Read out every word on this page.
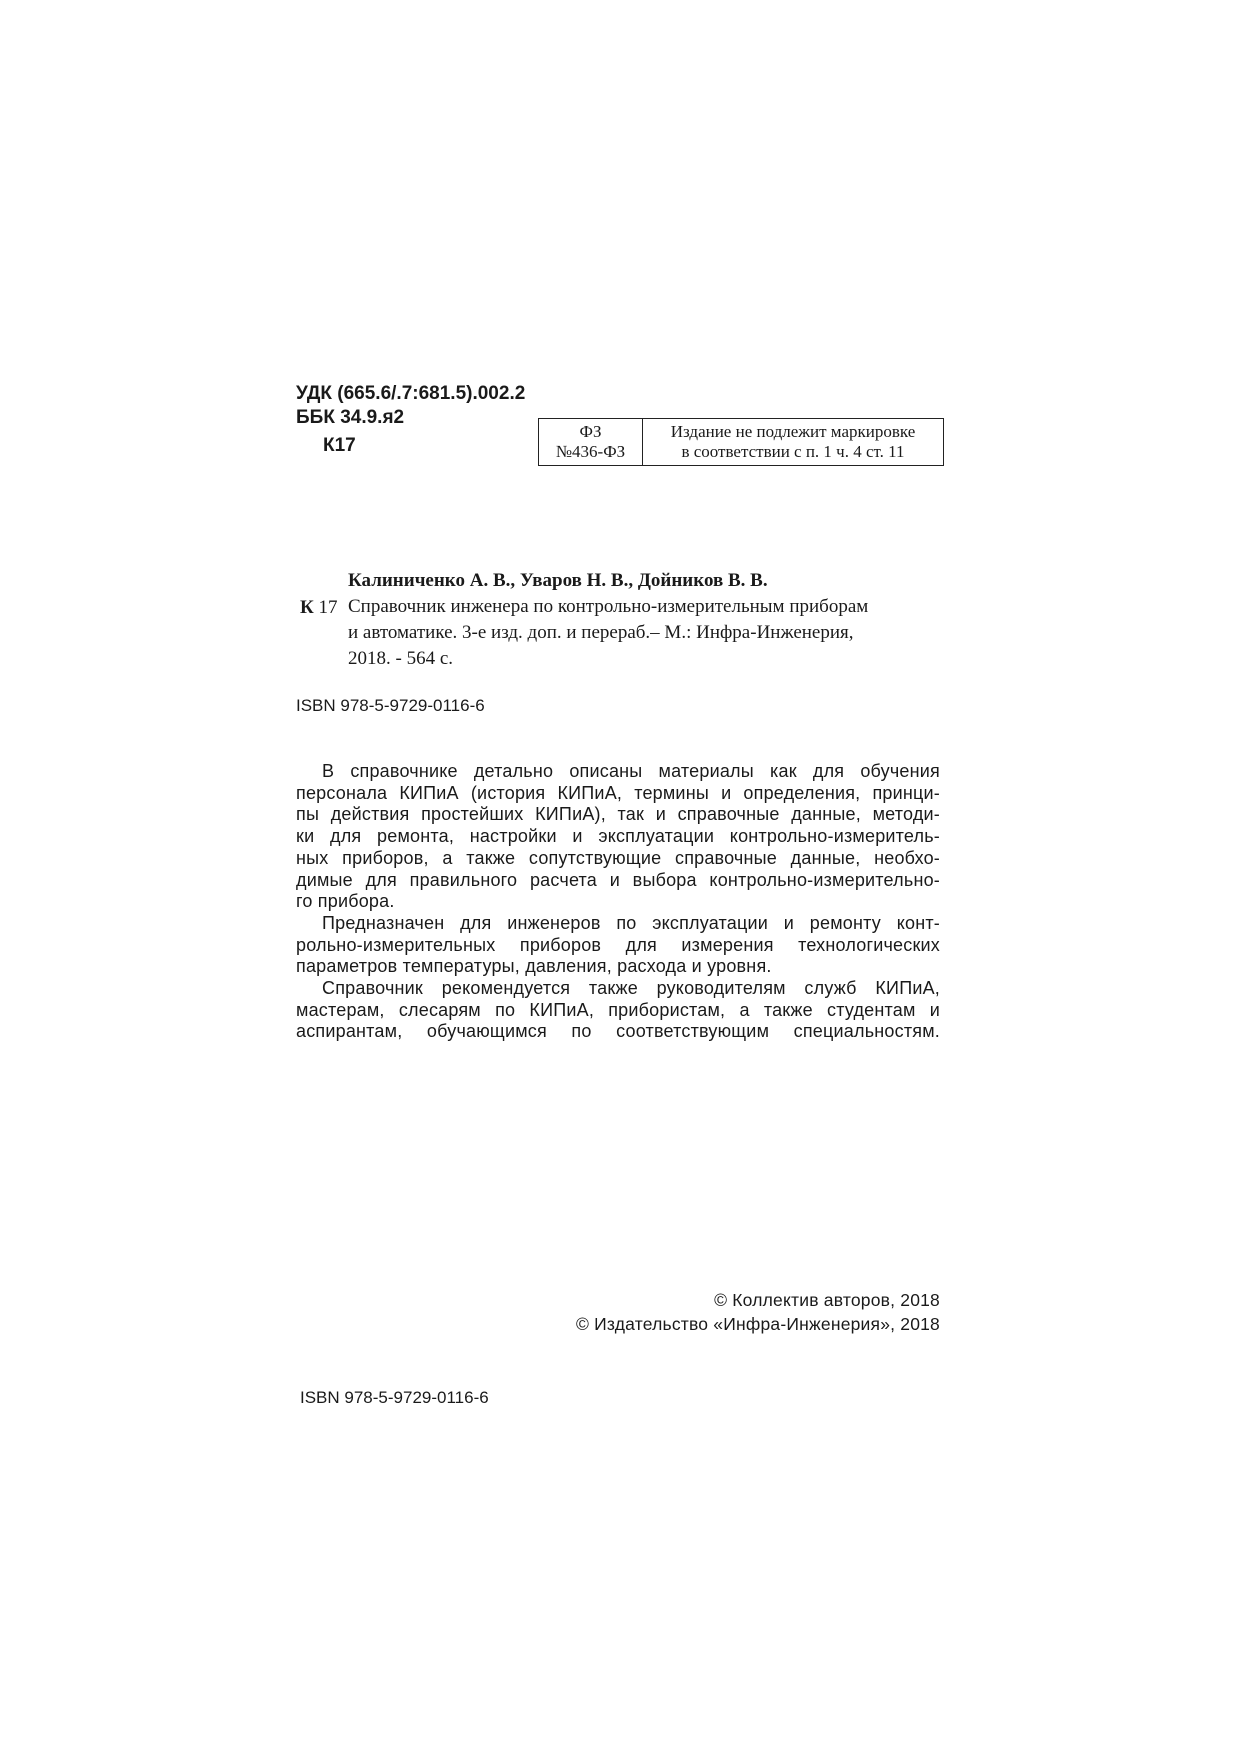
УДК (665.6/.7:681.5).002.2
ББК 34.9.я2
К17
ФЗ
№436-ФЗ
Издание не подлежит маркировке
в соответствии с п. 1 ч. 4 ст. 11
Калиниченко А. В., Уваров Н. В., Дойников В. В.
К 17 Справочник инженера по контрольно-измерительным приборам
и автоматике. 3-е изд. доп. и перераб.– М.: Инфра-Инженерия,
2018. - 564 с.
ISBN 978-5-9729-0116-6

В справочнике детально описаны материалы как для обучения

персонала КИПиА (история КИПиА, термины и определения, принци-

пы действия простейших КИПиА), так и справочные данные, методи-

ки для ремонта, настройки и эксплуатации контрольно-измеритель-

ных приборов, а также сопутствующие справочные данные, необхо-

димые для правильного расчета и выбора контрольно-измерительно-

го прибора.

Предназначен для инженеров по эксплуатации и ремонту конт-

рольно-измерительных приборов для измерения технологических

параметров температуры, давления, расхода и уровня.

Справочник рекомендуется также руководителям служб КИПиА,

мастерам, слесарям по КИПиА, прибористам, а также студентам и

аспирантам, обучающимся по соответствующим специальностям.

© Коллектив авторов, 2018
© Издательство «Инфра-Инженерия», 2018
ISBN 978-5-9729-0116-6
